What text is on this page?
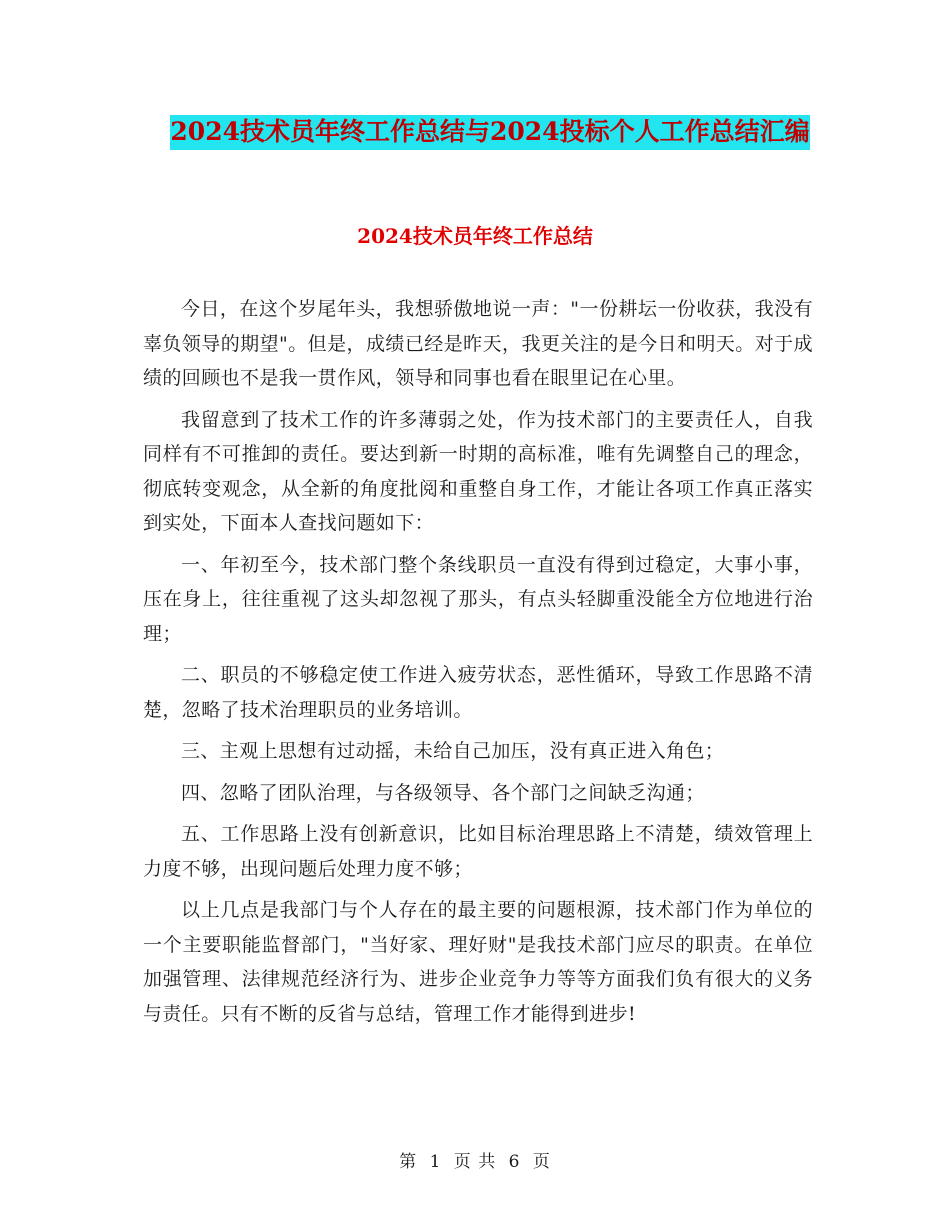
2024技术员年终工作总结与2024投标个人工作总结汇编
2024技术员年终工作总结

今日，在这个岁尾年头，我想骄傲地说一声："一份耕坛一份收获，我没有辜负领导的期望"。但是，成绩已经是昨天，我更关注的是今日和明天。对于成绩的回顾也不是我一贯作风，领导和同事也看在眼里记在心里。

我留意到了技术工作的许多薄弱之处，作为技术部门的主要责任人，自我同样有不可推卸的责任。要达到新一时期的高标准，唯有先调整自己的理念，彻底转变观念，从全新的角度批阅和重整自身工作，才能让各项工作真正落实到实处，下面本人查找问题如下：

一、年初至今，技术部门整个条线职员一直没有得到过稳定，大事小事，压在身上，往往重视了这头却忽视了那头，有点头轻脚重没能全方位地进行治理；

二、职员的不够稳定使工作进入疲劳状态，恶性循环，导致工作思路不清楚，忽略了技术治理职员的业务培训。

三、主观上思想有过动摇，未给自己加压，没有真正进入角色；

四、忽略了团队治理，与各级领导、各个部门之间缺乏沟通；

五、工作思路上没有创新意识，比如目标治理思路上不清楚，绩效管理上力度不够，出现问题后处理力度不够；

以上几点是我部门与个人存在的最主要的问题根源，技术部门作为单位的一个主要职能监督部门，"当好家、理好财"是我技术部门应尽的职责。在单位加强管理、法律规范经济行为、进步企业竞争力等等方面我们负有很大的义务与责任。只有不断的反省与总结，管理工作才能得到进步!

第 1 页 共 6 页
